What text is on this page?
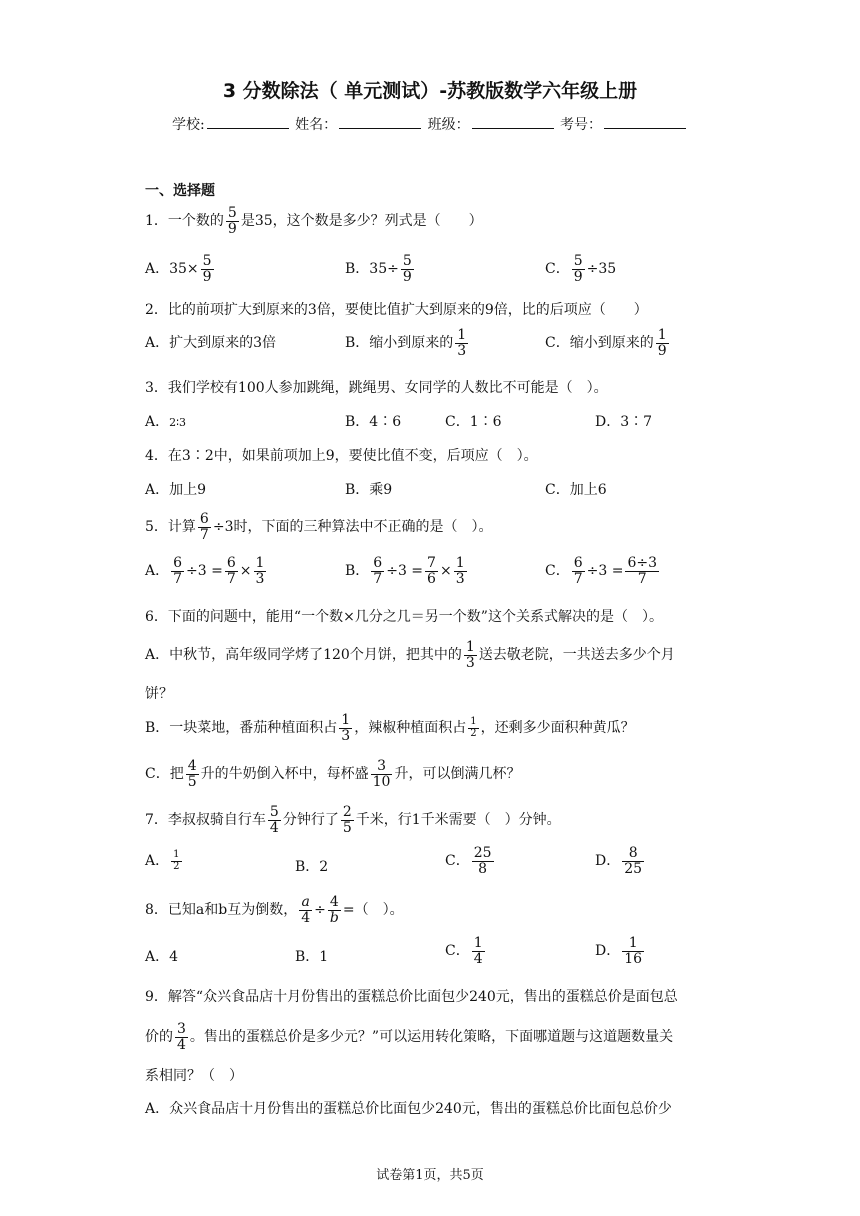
3 分数除法（ 单元测试）-苏教版数学六年级上册
学校:	姓名：	班级：	考号：
一、选择题
1．一个数的 $\frac{5}{9}$ 是35，这个数是多少？列式是（　　）
A．$35\times \frac{5}{9}$	B．$35\div \frac{5}{9}$	C． $\frac{5}{9} \div 35$
2．比的前项扩大到原来的3倍，要使比值扩大到原来的9倍，比的后项应（　　）
A．扩大到原来的3倍	B．缩小到原来的 $\frac{1}{3}$	C．缩小到原来的 $\frac{1}{9}$
3．我们学校有100人参加跳绳，跳绳男、女同学的人数比不可能是（　）。
A．2∶3	B．4∶6	C．1∶6	D．3∶7
4．在3∶2中，如果前项加上9，要使比值不变，后项应（　）。
A．加上9	B．乘9	C．加上6
5．计算 $\frac{6}{7} \div 3$时，下面的三种算法中不正确的是（　）。
A． $\frac{6}{7} \div 3 = \frac{6}{7} \times \frac{1}{3}$	B． $\frac{6}{7} \div 3 = \frac{7}{6} \times \frac{1}{3}$	C． $\frac{6}{7} \div 3 = \frac{6\div 3}{7}$
6．下面的问题中，能用“一个数×几分之几＝另一个数”这个关系式解决的是（　）。
A．中秋节，高年级同学烤了120个月饼，把其中的 $\frac{1}{3}$ 送去敬老院，一共送去多少个月
饼？
B．一块菜地，番茄种植面积占 $\frac{1}{3}$ ，辣椒种植面积占 $\frac{1}{2}$ ，还剩多少面积种黄瓜？
C．把 $\frac{4}{5}$ 升的牛奶倒入杯中，每杯盛 $\frac{3}{10}$ 升，可以倒满几杯？
7．李叔叔骑自行车 $\frac{5}{4}$ 分钟行了 $\frac{2}{5}$ 千米，行1千米需要（　）分钟。
A． $\frac{1}{2}$	B．2	C． $\frac{25}{8}$	D． $\frac{8}{25}$
8．已知a和b互为倒数， $\frac{a}{4} \div \frac{4}{b}$ =（　）。
A．4	B．1	C． $\frac{1}{4}$	D． $\frac{1}{16}$
9．解答“众兴食品店十月份售出的蛋糕总价比面包少240元，售出的蛋糕总价是面包总
价的 $\frac{3}{4}$ 。售出的蛋糕总价是多少元？”可以运用转化策略，下面哪道题与这道题数量关
系相同？（　）
A．众兴食品店十月份售出的蛋糕总价比面包少240元，售出的蛋糕总价比面包总价少
试卷第1页，共5页
